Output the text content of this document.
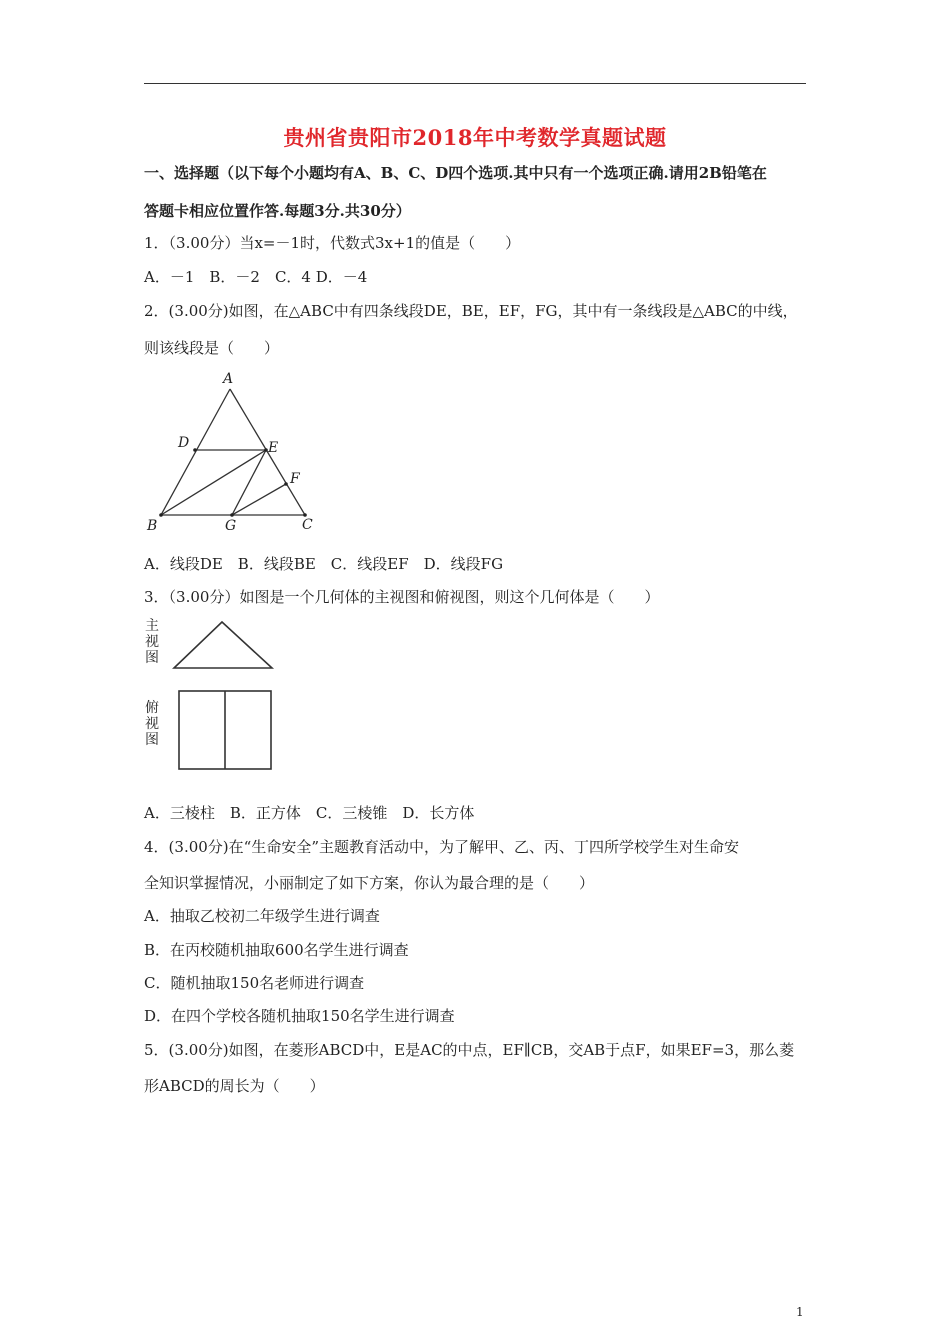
贵州省贵阳市2018年中考数学真题试题
一、选择题（以下每个小题均有A、B、C、D四个选项.其中只有一个选项正确.请用2B铅笔在
答题卡相应位置作答.每题3分.共30分）
1．（3.00分）当x=－1时，代数式3x+1的值是（　　）
A．－1　B．－2　C．4 D．－4
2．(3.00分)如图，在△ABC中有四条线段DE，BE，EF，FG，其中有一条线段是△ABC的中线，
则该线段是（　　）
A
D	E
F
B	G	C
A．线段DE　B．线段BE　C．线段EF　D．线段FG
3．（3.00分）如图是一个几何体的主视图和俯视图，则这个几何体是（　　）
主
视
图
俯
视
图
A．三棱柱　B．正方体　C．三棱锥　D．长方体
4．(3.00分)在“生命安全”主题教育活动中，为了解甲、乙、丙、丁四所学校学生对生命安
全知识掌握情况，小丽制定了如下方案，你认为最合理的是（　　）
A．抽取乙校初二年级学生进行调查
B．在丙校随机抽取600名学生进行调查
C．随机抽取150名老师进行调查
D．在四个学校各随机抽取150名学生进行调查
5．(3.00分)如图，在菱形ABCD中，E是AC的中点，EF∥CB，交AB于点F，如果EF=3，那么菱
形ABCD的周长为（　　）
1
